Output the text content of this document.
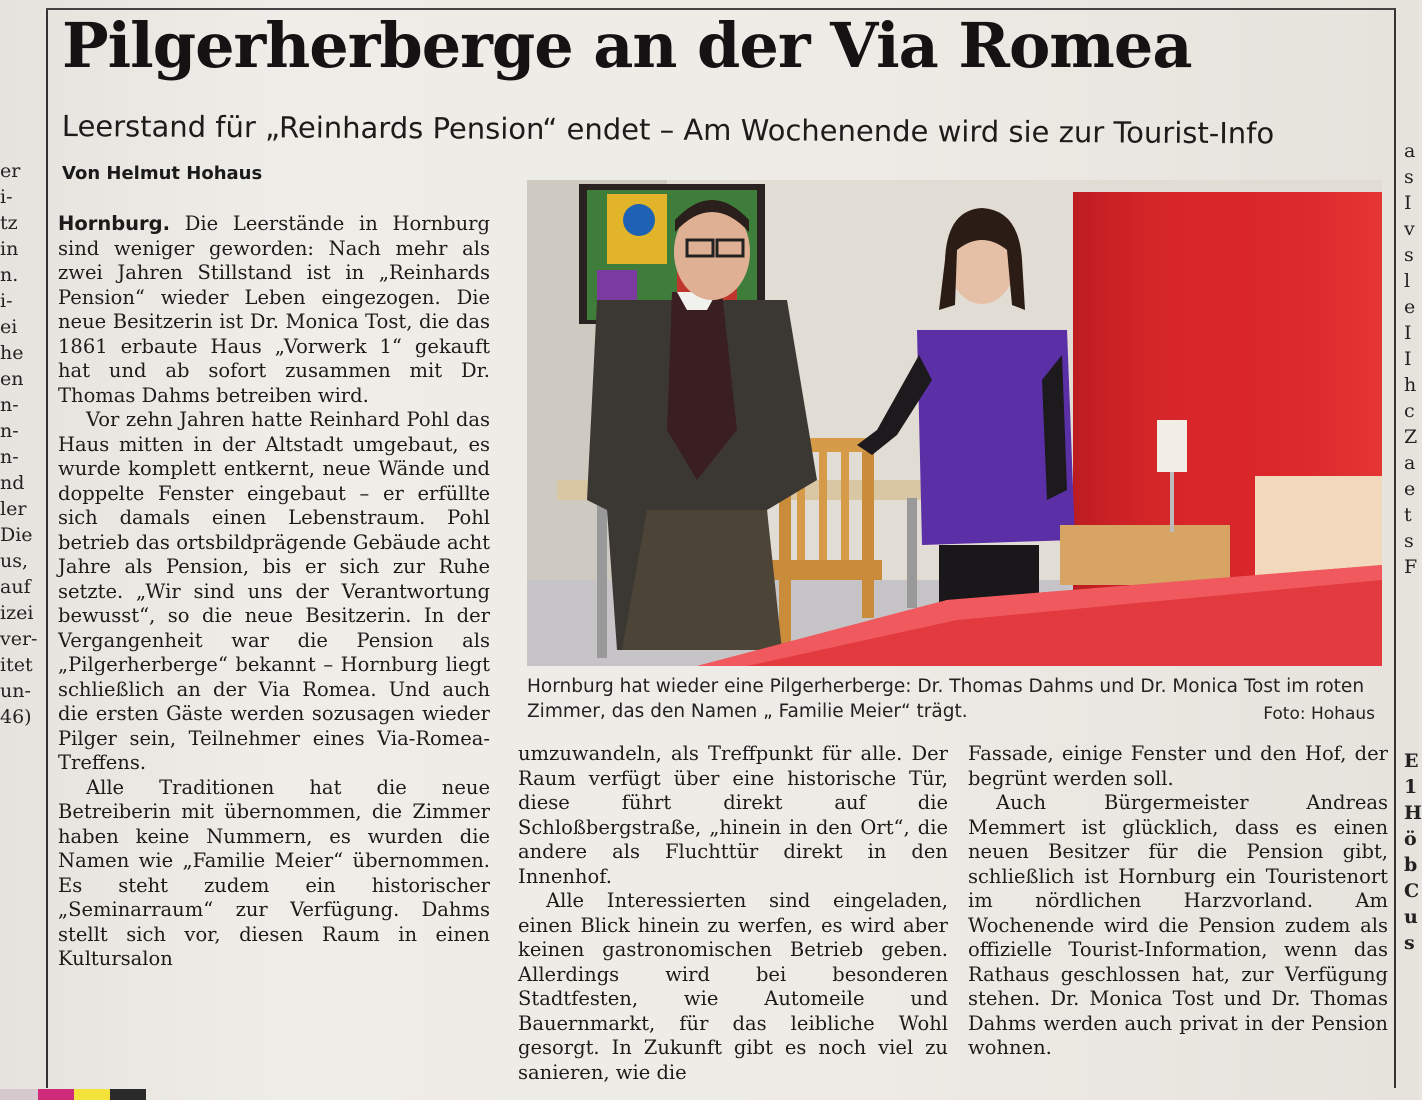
er
i-
tz
in
n.
i-
ei
he
en
n-
n-
n-
nd
ler
Die
us,
auf
izei
ver-
itet
un-
46)
a
s
I
v
s
l
e
I
I
h
c
Z
a
e
t
s
F
E
1
H
ö
b
C
u
s
Pilgerherberge an der Via Romea
Leerstand für „Reinhards Pension“ endet – Am Wochenende wird sie zur Tourist-Info
Von Helmut Hohaus

Hornburg. Die Leerstände in Hornburg sind weniger geworden: Nach mehr als zwei Jahren Stillstand ist in „Reinhards Pension“ wieder Leben eingezogen. Die neue Besitzerin ist Dr. Monica Tost, die das 1861 erbaute Haus „Vorwerk 1“ gekauft hat und ab sofort zusammen mit Dr. Thomas Dahms betreiben wird.

Vor zehn Jahren hatte Reinhard Pohl das Haus mitten in der Altstadt umgebaut, es wurde komplett entkernt, neue Wände und doppelte Fenster eingebaut – er erfüllte sich damals einen Lebenstraum. Pohl betrieb das ortsbildprägende Gebäude acht Jahre als Pension, bis er sich zur Ruhe setzte. „Wir sind uns der Verantwortung bewusst“, so die neue Besitzerin. In der Vergangenheit war die Pension als „Pilgerherberge“ bekannt – Hornburg liegt schließlich an der Via Romea. Und auch die ersten Gäste werden sozusagen wieder Pilger sein, Teilnehmer eines Via-Romea-Treffens.

Alle Traditionen hat die neue Betreiberin mit übernommen, die Zimmer haben keine Nummern, es wurden die Namen wie „Familie Meier“ übernommen. Es steht zudem ein historischer „Seminarraum“ zur Verfügung. Dahms stellt sich vor, diesen Raum in einen Kultursalon

Hornburg hat wieder eine Pilgerherberge: Dr. Thomas Dahms und Dr. Monica Tost im roten Zimmer, das den Namen „ Familie Meier“ trägt.	Foto: Hohaus

umzuwandeln, als Treffpunkt für alle. Der Raum verfügt über eine historische Tür, diese führt direkt auf die Schloßbergstraße, „hinein in den Ort“, die andere als Fluchttür direkt in den Innenhof.

Alle Interessierten sind eingeladen, einen Blick hinein zu werfen, es wird aber keinen gastronomischen Betrieb geben. Allerdings wird bei besonderen Stadtfesten, wie Automeile und Bauernmarkt, für das leibliche Wohl gesorgt. In Zukunft gibt es noch viel zu sanieren, wie die

Fassade, einige Fenster und den Hof, der begrünt werden soll.

Auch Bürgermeister Andreas Memmert ist glücklich, dass es einen neuen Besitzer für die Pension gibt, schließlich ist Hornburg ein Touristenort im nördlichen Harzvorland. Am Wochenende wird die Pension zudem als offizielle Tourist-Information, wenn das Rathaus geschlossen hat, zur Verfügung stehen. Dr. Monica Tost und Dr. Thomas Dahms werden auch privat in der Pension wohnen.
